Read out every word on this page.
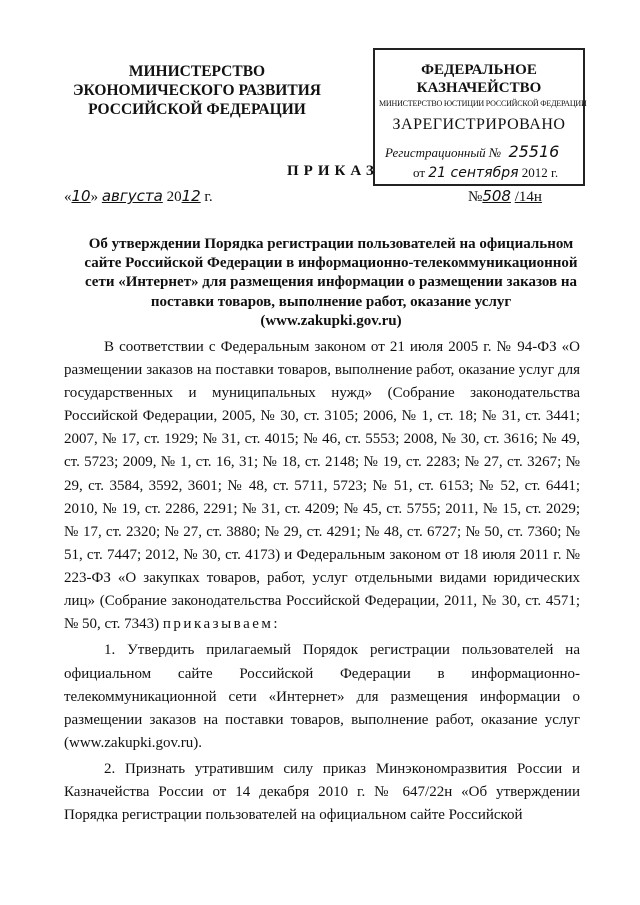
МИНИСТЕРСТВО
ЭКОНОМИЧЕСКОГО РАЗВИТИЯ
РОССИЙСКОЙ ФЕДЕРАЦИИ
ФЕДЕРАЛЬНОЕ
КАЗНАЧЕЙСТВО
МИНИСТЕРСТВО ЮСТИЦИИ РОССИЙСКОЙ ФЕДЕРАЦИИ
ЗАРЕГИСТРИРОВАНО
Регистрационный № 25516
от 21 сентября 2012 г.
ПРИКАЗ
«10» августа 2012 г.	№508 /14н
Об утверждении Порядка регистрации пользователей на официальном
сайте Российской Федерации в информационно-телекоммуникационной
сети «Интернет» для размещения информации о размещении заказов на
поставки товаров, выполнение работ, оказание услуг
(www.zakupki.gov.ru)

В соответствии с Федеральным законом от 21 июля 2005 г. № 94-ФЗ «О размещении заказов на поставки товаров, выполнение работ, оказание услуг для государственных и муниципальных нужд» (Собрание законодательства Российской Федерации, 2005, № 30, ст. 3105; 2006, № 1, ст. 18; № 31, ст. 3441; 2007, № 17, ст. 1929; № 31, ст. 4015; № 46, ст. 5553; 2008, № 30, ст. 3616; № 49, ст. 5723; 2009, № 1, ст. 16, 31; № 18, ст. 2148; № 19, ст. 2283; № 27, ст. 3267; № 29, ст. 3584, 3592, 3601; № 48, ст. 5711, 5723; № 51, ст. 6153; № 52, ст. 6441; 2010, № 19, ст. 2286, 2291; № 31, ст. 4209; № 45, ст. 5755; 2011, № 15, ст. 2029; № 17, ст. 2320; № 27, ст. 3880; № 29, ст. 4291; № 48, ст. 6727; № 50, ст. 7360; № 51, ст. 7447; 2012, № 30, ст. 4173) и Федеральным законом от 18 июля 2011 г. № 223-ФЗ «О закупках товаров, работ, услуг отдельными видами юридических лиц» (Собрание законодательства Российской Федерации, 2011, № 30, ст. 4571; № 50, ст. 7343) приказываем:

1. Утвердить прилагаемый Порядок регистрации пользователей на официальном сайте Российской Федерации в информационно-телекоммуникационной сети «Интернет» для размещения информации о размещении заказов на поставки товаров, выполнение работ, оказание услуг (www.zakupki.gov.ru).

2. Признать утратившим силу приказ Минэкономразвития России и Казначейства России от 14 декабря 2010 г. № 647/22н «Об утверждении Порядка регистрации пользователей на официальном сайте Российской
